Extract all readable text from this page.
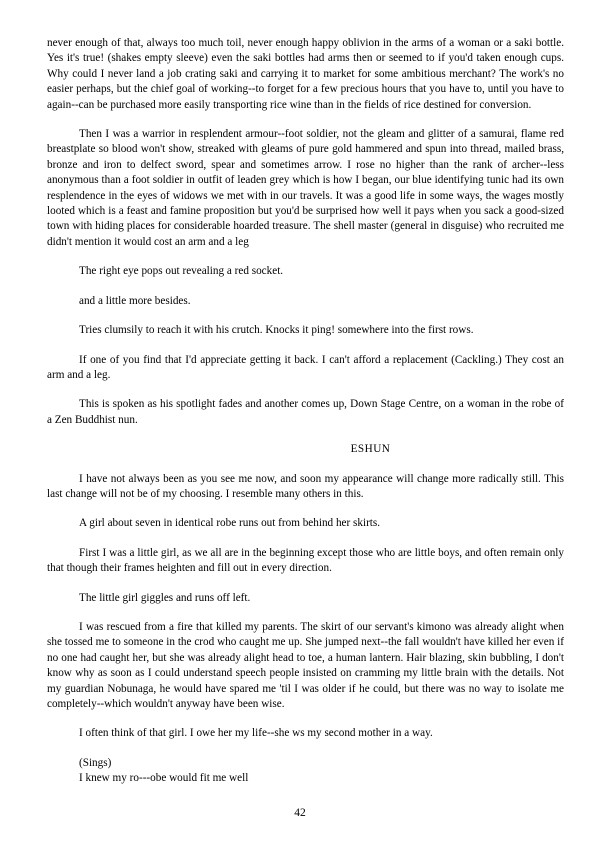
never enough of that, always too much toil, never enough happy oblivion in the arms of a woman or a saki bottle. Yes it's true! (shakes empty sleeve) even the saki bottles had arms then or seemed to if you'd taken enough cups. Why could I never land a job crating saki and carrying it to market for some ambitious merchant? The work's no easier perhaps, but the chief goal of working--to forget for a few precious hours that you have to, until you have to again--can be purchased more easily transporting rice wine than in the fields of rice destined for conversion.

Then I was a warrior in resplendent armour--foot soldier, not the gleam and glitter of a samurai, flame red breastplate so blood won't show, streaked with gleams of pure gold hammered and spun into thread, mailed brass, bronze and iron to delfect sword, spear and sometimes arrow. I rose no higher than the rank of archer--less anonymous than a foot soldier in outfit of leaden grey which is how I began, our blue identifying tunic had its own resplendence in the eyes of widows we met with in our travels. It was a good life in some ways, the wages mostly looted which is a feast and famine proposition but you'd be surprised how well it pays when you sack a good-sized town with hiding places for considerable hoarded treasure. The shell master (general in disguise) who recruited me didn't mention it would cost an arm and a leg

The right eye pops out revealing a red socket.

and a little more besides.

Tries clumsily to reach it with his crutch. Knocks it ping! somewhere into the first rows.

If one of you find that I'd appreciate getting it back. I can't afford a replacement (Cackling.) They cost an arm and a leg.

This is spoken as his spotlight fades and another comes up, Down Stage Centre, on a woman in the robe of a Zen Buddhist nun.

ESHUN

I have not always been as you see me now, and soon my appearance will change more radically still. This last change will not be of my choosing. I resemble many others in this.

A girl about seven in identical robe runs out from behind her skirts.

First I was a little girl, as we all are in the beginning except those who are little boys, and often remain only that though their frames heighten and fill out in every direction.

The little girl giggles and runs off left.

I was rescued from a fire that killed my parents. The skirt of our servant's kimono was already alight when she tossed me to someone in the crod who caught me up. She jumped next--the fall wouldn't have killed her even if no one had caught her, but she was already alight head to toe, a human lantern. Hair blazing, skin bubbling, I don't know why as soon as I could understand speech people insisted on cramming my little brain with the details. Not my guardian Nobunaga, he would have spared me 'til I was older if he could, but there was no way to isolate me completely--which wouldn't anyway have been wise.

I often think of that girl. I owe her my life--she ws my second mother in a way.

(Sings)

I knew my ro---obe would fit me well

42
